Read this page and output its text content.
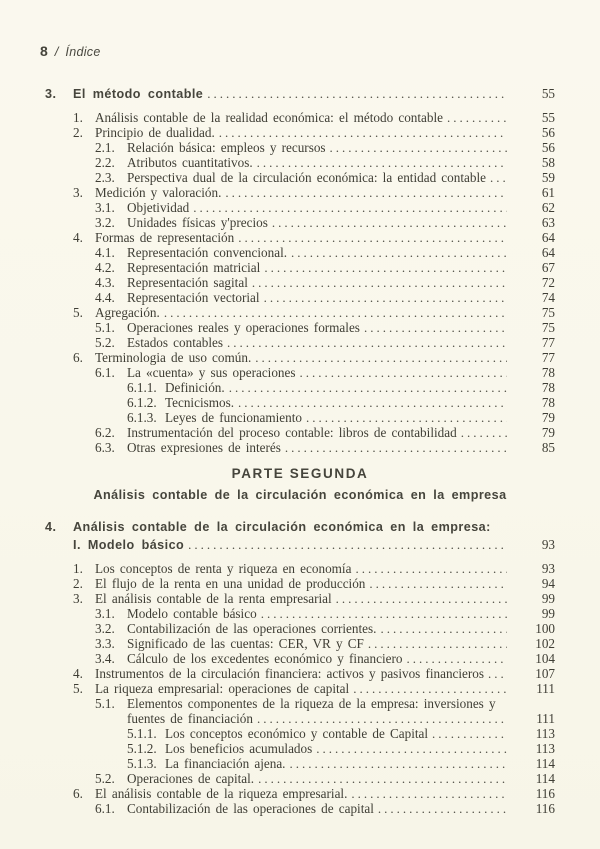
8 / Índice
3.	El método contable .....	55
1. Análisis contable de la realidad económica: el método contable .....	55
2. Principio de dualidad. .....	56
2.1. Relación básica: empleos y recursos .....	56
2.2. Atributos cuantitativos. .....	58
2.3. Perspectiva dual de la circulación económica: la entidad contable .....	59
3. Medición y valoración. .....	61
3.1. Objetividad .....	62
3.2. Unidades físicas y'precios .....	63
4. Formas de representación .....	64
4.1. Representación convencional. .....	64
4.2. Representación matricial .....	67
4.3. Representación sagital .....	72
4.4. Representación vectorial .....	74
5. Agregación. .....	75
5.1. Operaciones reales y operaciones formales .....	75
5.2. Estados contables .....	77
6. Terminologia de uso común. .....	77
6.1. La «cuenta» y sus operaciones .....	78
6.1.1. Definición. .....	78
6.1.2. Tecnicismos. .....	78
6.1.3. Leyes de funcionamiento .....	79
6.2. Instrumentación del proceso contable: libros de contabilidad .....	79
6.3. Otras expresiones de interés .....	85
PARTE SEGUNDA
Análisis contable de la circulación económica en la empresa
4.	Análisis contable de la circulación económica en la empresa:
I. Modelo básico .....	93
1. Los conceptos de renta y riqueza en economía .....	93
2. El flujo de la renta en una unidad de producción .....	94
3. El análisis contable de la renta empresarial .....	99
3.1. Modelo contable básico .....	99
3.2. Contabilización de las operaciones corrientes. .....	100
3.3. Significado de las cuentas: CER, VR y CF .....	102
3.4. Cálculo de los excedentes económico y financiero .....	104
4. Instrumentos de la circulación financiera: activos y pasivos financieros .....	107
5. La riqueza empresarial: operaciones de capital .....	111
5.1. Elementos componentes de la riqueza de la empresa: inversiones y
fuentes de financiación .....	111
5.1.1. Los conceptos económico y contable de Capital .....	113
5.1.2. Los beneficios acumulados .....	113
5.1.3. La financiación ajena. .....	114
5.2. Operaciones de capital. .....	114
6. El análisis contable de la riqueza empresarial. .....	116
6.1. Contabilización de las operaciones de capital .....	116
